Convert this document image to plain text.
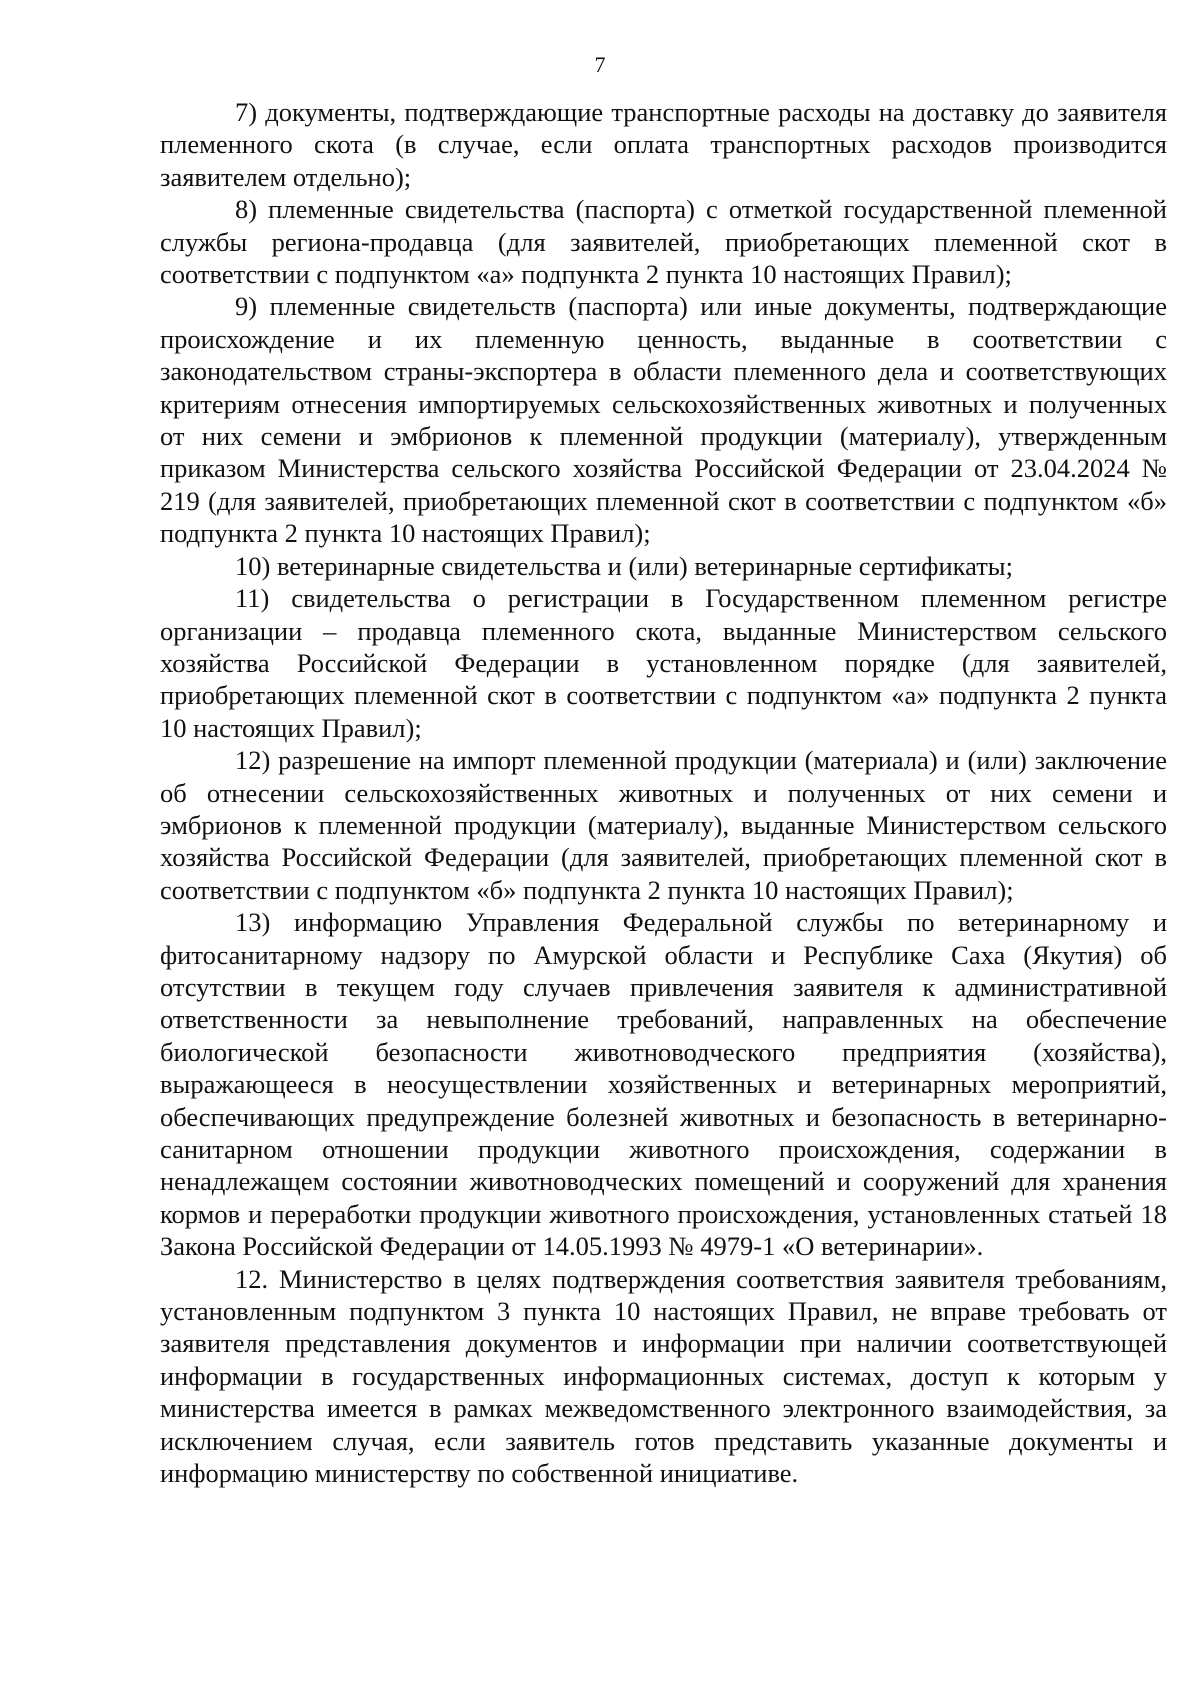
7

7) документы, подтверждающие транспортные расходы на доставку до заявителя племенного скота (в случае, если оплата транспортных расходов производится заявителем отдельно);

8) племенные свидетельства (паспорта) с отметкой государственной племенной службы региона-продавца (для заявителей, приобретающих племенной скот в соответствии с подпунктом «а» подпункта 2 пункта 10 настоящих Правил);

9) племенные свидетельств (паспорта) или иные документы, подтверждающие происхождение и их племенную ценность, выданные в соответствии с законодательством страны-экспортера в области племенного дела и соответствующих критериям отнесения импортируемых сельскохозяйственных животных и полученных от них семени и эмбрионов к племенной продукции (материалу), утвержденным приказом Министерства сельского хозяйства Российской Федерации от 23.04.2024 № 219 (для заявителей, приобретающих племенной скот в соответствии с подпунктом «б» подпункта 2 пункта 10 настоящих Правил);

10) ветеринарные свидетельства и (или) ветеринарные сертификаты;

11) свидетельства о регистрации в Государственном племенном регистре организации – продавца племенного скота, выданные Министерством сельского хозяйства Российской Федерации в установленном порядке (для заявителей, приобретающих племенной скот в соответствии с подпунктом «а» подпункта 2 пункта 10 настоящих Правил);

12) разрешение на импорт племенной продукции (материала) и (или) заключение об отнесении сельскохозяйственных животных и полученных от них семени и эмбрионов к племенной продукции (материалу), выданные Министерством сельского хозяйства Российской Федерации (для заявителей, приобретающих племенной скот в соответствии с подпунктом «б» подпункта 2 пункта 10 настоящих Правил);

13) информацию Управления Федеральной службы по ветеринарному и фитосанитарному надзору по Амурской области и Республике Саха (Якутия) об отсутствии в текущем году случаев привлечения заявителя к административной ответственности за невыполнение требований, направленных на обеспечение биологической безопасности животноводческого предприятия (хозяйства), выражающееся в неосуществлении хозяйственных и ветеринарных мероприятий, обеспечивающих предупреждение болезней животных и безопасность в ветеринарно-санитарном отношении продукции животного происхождения, содержании в ненадлежащем состоянии животноводческих помещений и сооружений для хранения кормов и переработки продукции животного происхождения, установленных статьей 18 Закона Российской Федерации от 14.05.1993 № 4979-1 «О ветеринарии».

12. Министерство в целях подтверждения соответствия заявителя требованиям, установленным подпунктом 3 пункта 10 настоящих Правил, не вправе требовать от заявителя представления документов и информации при наличии соответствующей информации в государственных информационных системах, доступ к которым у министерства имеется в рамках межведомственного электронного взаимодействия, за исключением случая, если заявитель готов представить указанные документы и информацию министерству по собственной инициативе.
